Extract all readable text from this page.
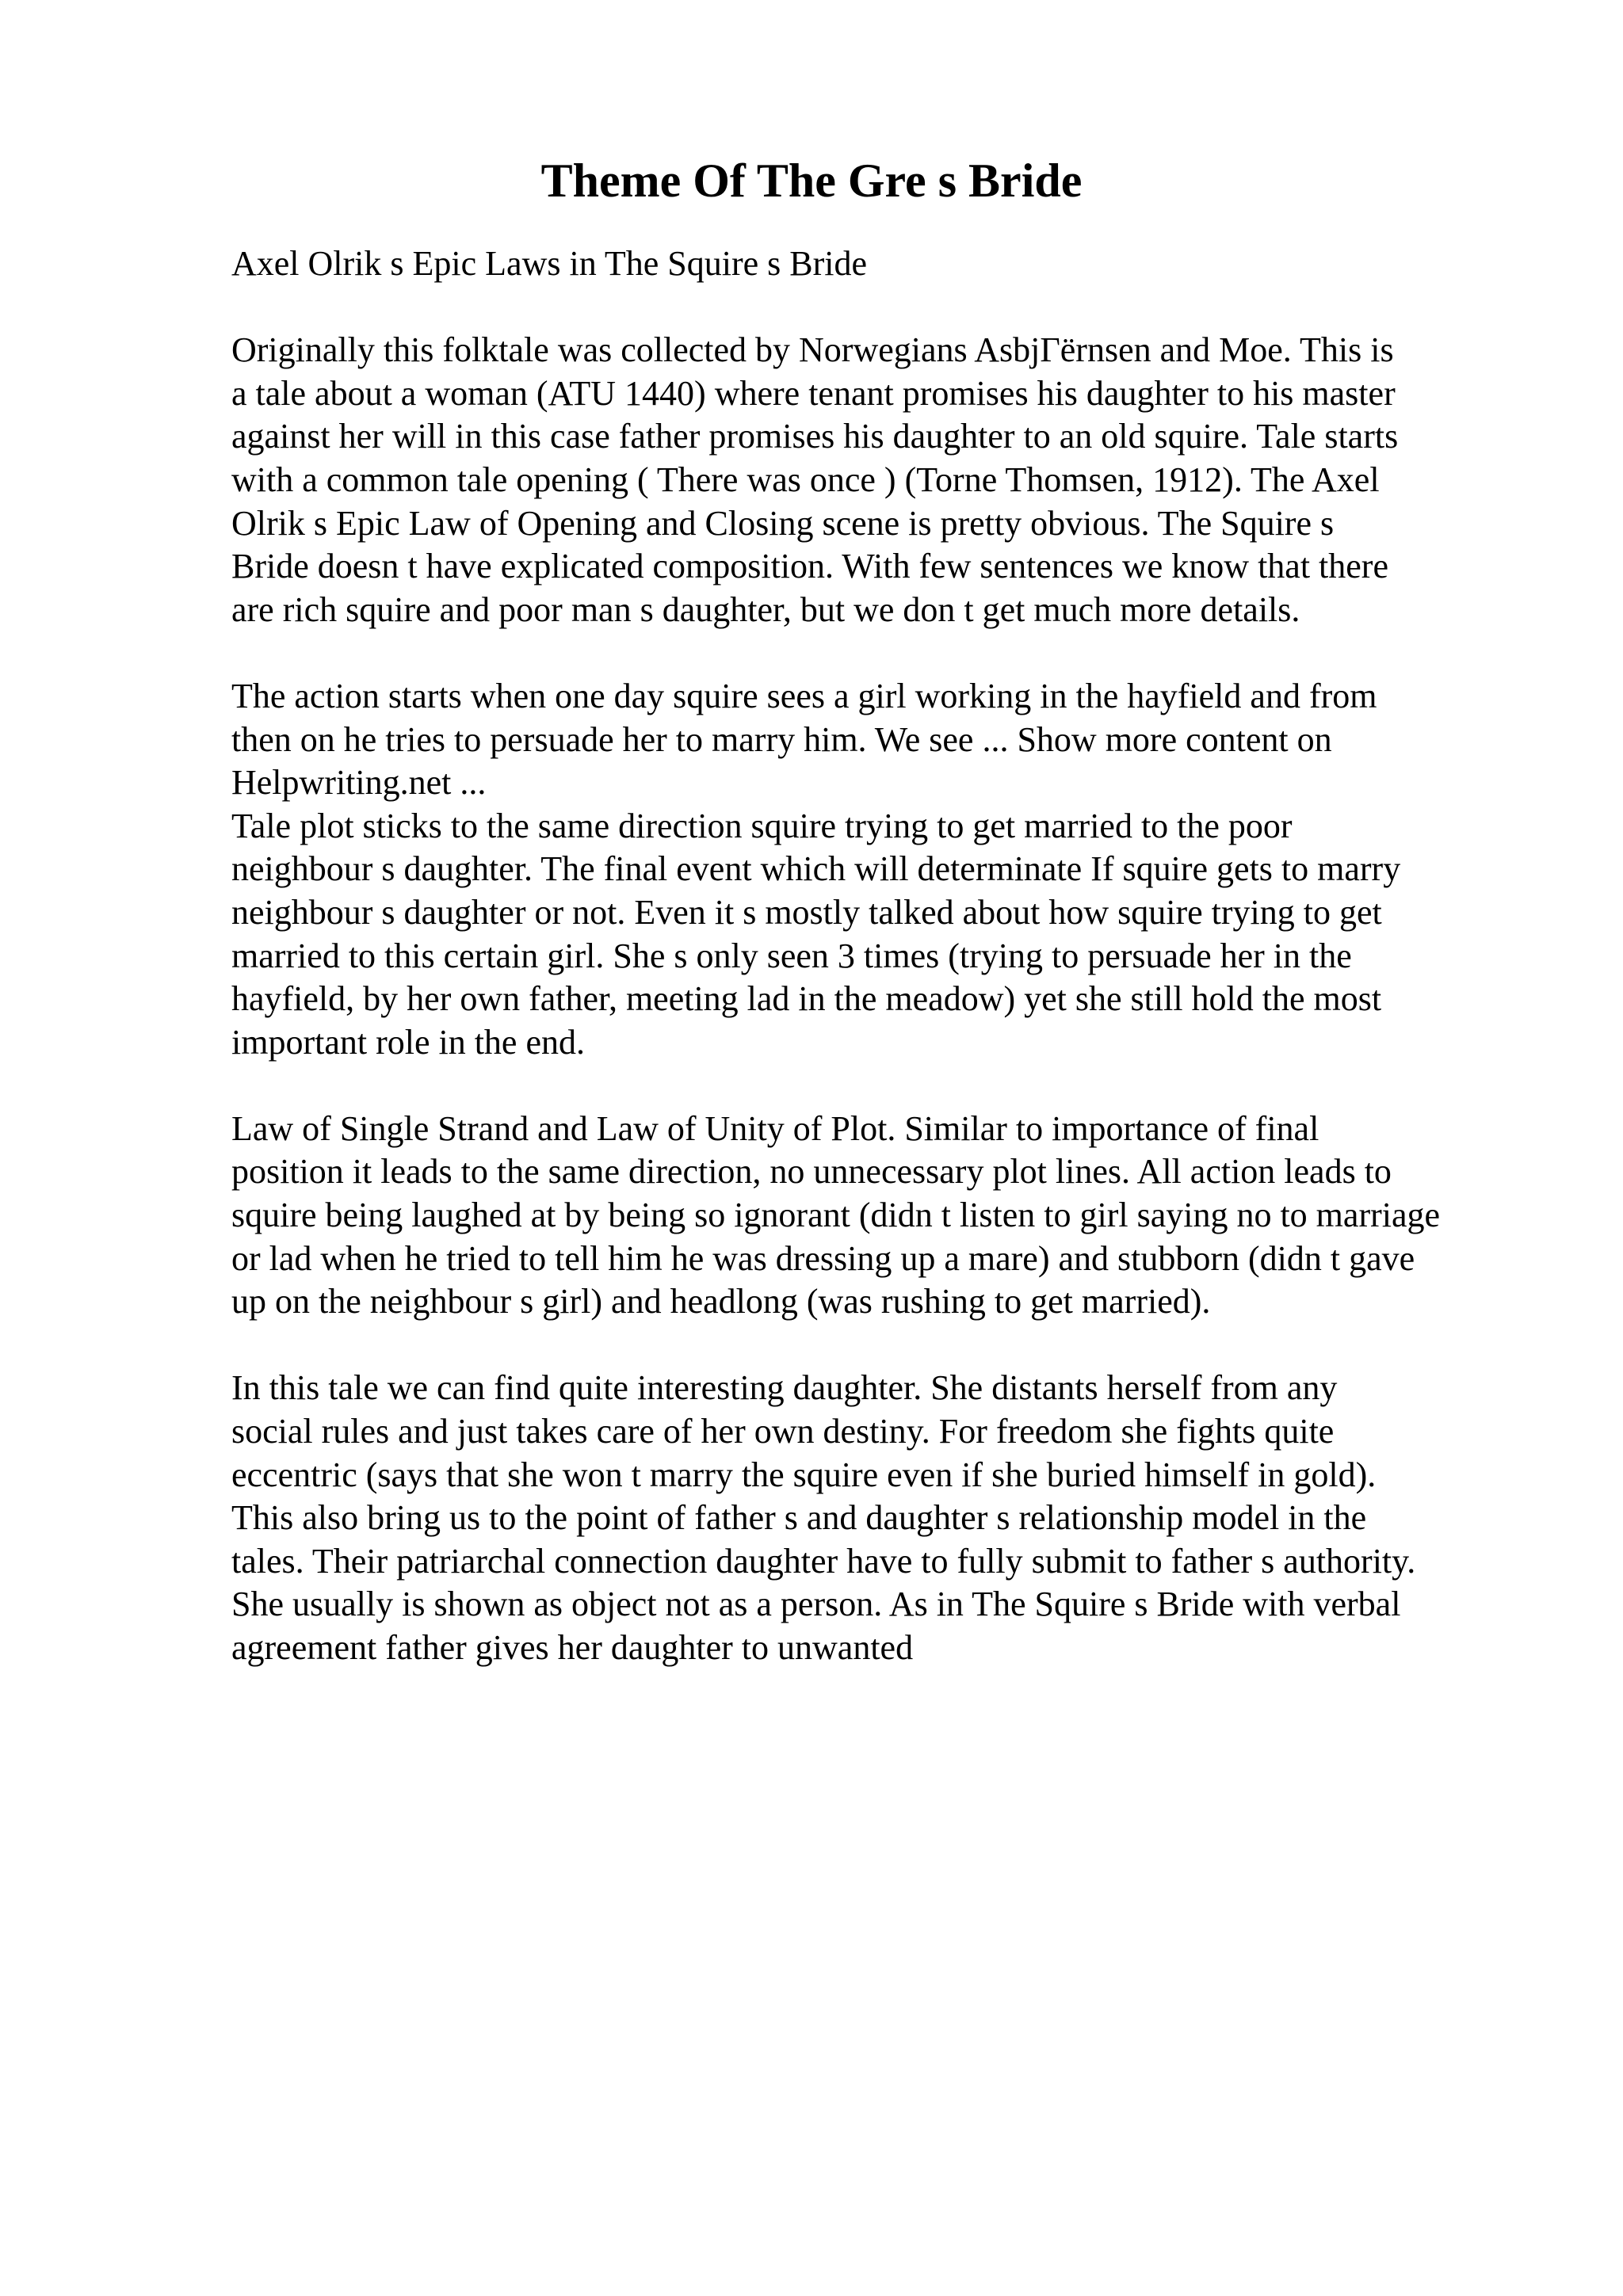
Theme Of The Gre s Bride

Axel Olrik s Epic Laws in The Squire s Bride

Originally this folktale was collected by Norwegians AsbjГёrnsen and Moe. This is
a tale about a woman (ATU 1440) where tenant promises his daughter to his master
against her will in this case father promises his daughter to an old squire. Tale starts
with a common tale opening ( There was once ) (Torne Thomsen, 1912). The Axel
Olrik s Epic Law of Opening and Closing scene is pretty obvious. The Squire s
Bride doesn t have explicated composition. With few sentences we know that there
are rich squire and poor man s daughter, but we don t get much more details.

The action starts when one day squire sees a girl working in the hayfield and from
then on he tries to persuade her to marry him. We see ... Show more content on
Helpwriting.net ...

Tale plot sticks to the same direction squire trying to get married to the poor
neighbour s daughter. The final event which will determinate If squire gets to marry
neighbour s daughter or not. Even it s mostly talked about how squire trying to get
married to this certain girl. She s only seen 3 times (trying to persuade her in the
hayfield, by her own father, meeting lad in the meadow) yet she still hold the most
important role in the end.

Law of Single Strand and Law of Unity of Plot. Similar to importance of final
position it leads to the same direction, no unnecessary plot lines. All action leads to
squire being laughed at by being so ignorant (didn t listen to girl saying no to marriage
or lad when he tried to tell him he was dressing up a mare) and stubborn (didn t gave
up on the neighbour s girl) and headlong (was rushing to get married).

In this tale we can find quite interesting daughter. She distants herself from any
social rules and just takes care of her own destiny. For freedom she fights quite
eccentric (says that she won t marry the squire even if she buried himself in gold).
This also bring us to the point of father s and daughter s relationship model in the
tales. Their patriarchal connection daughter have to fully submit to father s authority.
She usually is shown as object not as a person. As in The Squire s Bride with verbal
agreement father gives her daughter to unwanted
